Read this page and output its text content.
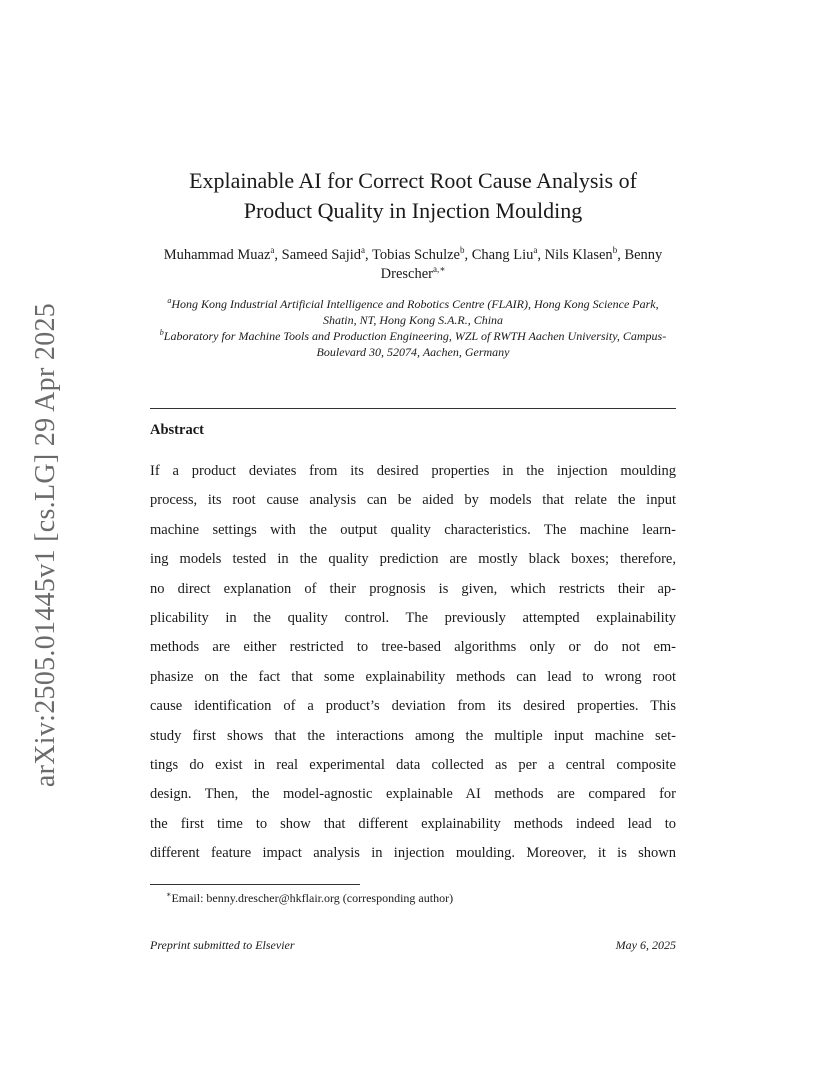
arXiv:2505.01445v1 [cs.LG] 29 Apr 2025
Explainable AI for Correct Root Cause Analysis of
Product Quality in Injection Moulding
Muhammad Muaz$^a$, Sameed Sajid$^a$, Tobias Schulze$^b$, Chang Liu$^a$, Nils Klasen$^b$, Benny Drescher$^{a,∗}$
$^a$Hong Kong Industrial Artificial Intelligence and Robotics Centre (FLAIR), Hong Kong Science Park, Shatin, NT, Hong Kong S.A.R., China
$^b$Laboratory for Machine Tools and Production Engineering, WZL of RWTH Aachen University, Campus-Boulevard 30, 52074, Aachen, Germany
Abstract
If a product deviates from its desired properties in the injection moulding
process, its root cause analysis can be aided by models that relate the input
machine settings with the output quality characteristics. The machine learn-
ing models tested in the quality prediction are mostly black boxes; therefore,
no direct explanation of their prognosis is given, which restricts their ap-
plicability in the quality control. The previously attempted explainability
methods are either restricted to tree-based algorithms only or do not em-
phasize on the fact that some explainability methods can lead to wrong root
cause identification of a product’s deviation from its desired properties. This
study first shows that the interactions among the multiple input machine set-
tings do exist in real experimental data collected as per a central composite
design. Then, the model-agnostic explainable AI methods are compared for
the first time to show that different explainability methods indeed lead to
different feature impact analysis in injection moulding. Moreover, it is shown
∗Email: benny.drescher@hkflair.org (corresponding author)
Preprint submitted to Elsevier	May 6, 2025
